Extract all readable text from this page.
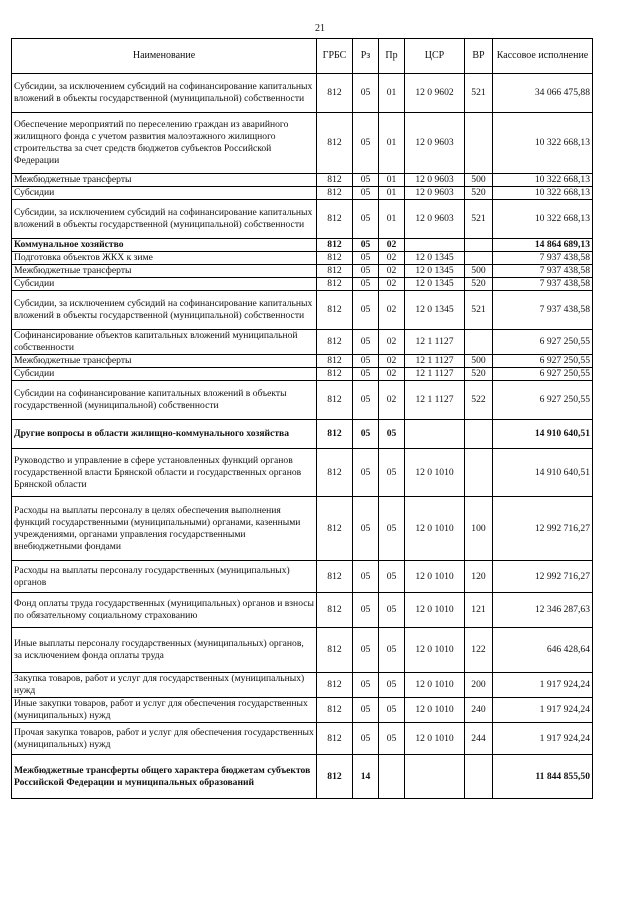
21
Наименование	ГРБС	Рз	Пр	ЦСР	ВР	Кассовое исполнение
Субсидии, за исключением субсидий на софинансирование капитальных вложений в объекты государственной (муниципальной) собственности	812	05	01	12 0 9602	521	34 066 475,88
Обеспечение мероприятий по переселению граждан из аварийного жилищного фонда с учетом развития малоэтажного жилищного строительства за счет средств бюджетов субъектов Российской Федерации	812	05	01	12 0 9603		10 322 668,13
Межбюджетные трансферты	812	05	01	12 0 9603	500	10 322 668,13
Субсидии	812	05	01	12 0 9603	520	10 322 668,13
Субсидии, за исключением субсидий на софинансирование капитальных вложений в объекты государственной (муниципальной) собственности	812	05	01	12 0 9603	521	10 322 668,13
Коммунальное хозяйство	812	05	02			14 864 689,13
Подготовка объектов ЖКХ к зиме	812	05	02	12 0 1345		7 937 438,58
Межбюджетные трансферты	812	05	02	12 0 1345	500	7 937 438,58
Субсидии	812	05	02	12 0 1345	520	7 937 438,58
Субсидии, за исключением субсидий на софинансирование капитальных вложений в объекты государственной (муниципальной) собственности	812	05	02	12 0 1345	521	7 937 438,58
Софинансирование объектов капитальных вложений муниципальной собственности	812	05	02	12 1 1127		6 927 250,55
Межбюджетные трансферты	812	05	02	12 1 1127	500	6 927 250,55
Субсидии	812	05	02	12 1 1127	520	6 927 250,55
Субсидии на софинансирование капитальных вложений в объекты государственной (муниципальной) собственности	812	05	02	12 1 1127	522	6 927 250,55
Другие вопросы в области жилищно-коммунального хозяйства	812	05	05			14 910 640,51
Руководство и управление в сфере установленных функций органов государственной власти Брянской области и государственных органов Брянской области	812	05	05	12 0 1010		14 910 640,51
Расходы на выплаты персоналу в целях обеспечения выполнения функций государственными (муниципальными) органами, казенными учреждениями, органами управления государственными внебюджетными фондами	812	05	05	12 0 1010	100	12 992 716,27
Расходы на выплаты персоналу государственных (муниципальных) органов	812	05	05	12 0 1010	120	12 992 716,27
Фонд оплаты труда государственных (муниципальных) органов и взносы по обязательному социальному страхованию	812	05	05	12 0 1010	121	12 346 287,63
Иные выплаты персоналу государственных (муниципальных) органов, за исключением фонда оплаты труда	812	05	05	12 0 1010	122	646 428,64
Закупка товаров, работ и услуг для государственных (муниципальных) нужд	812	05	05	12 0 1010	200	1 917 924,24
Иные закупки товаров, работ и услуг для обеспечения государственных (муниципальных) нужд	812	05	05	12 0 1010	240	1 917 924,24
Прочая закупка товаров, работ и услуг для обеспечения государственных (муниципальных) нужд	812	05	05	12 0 1010	244	1 917 924,24
Межбюджетные трансферты общего характера бюджетам субъектов Российской Федерации и муниципальных образований	812	14				11 844 855,50
